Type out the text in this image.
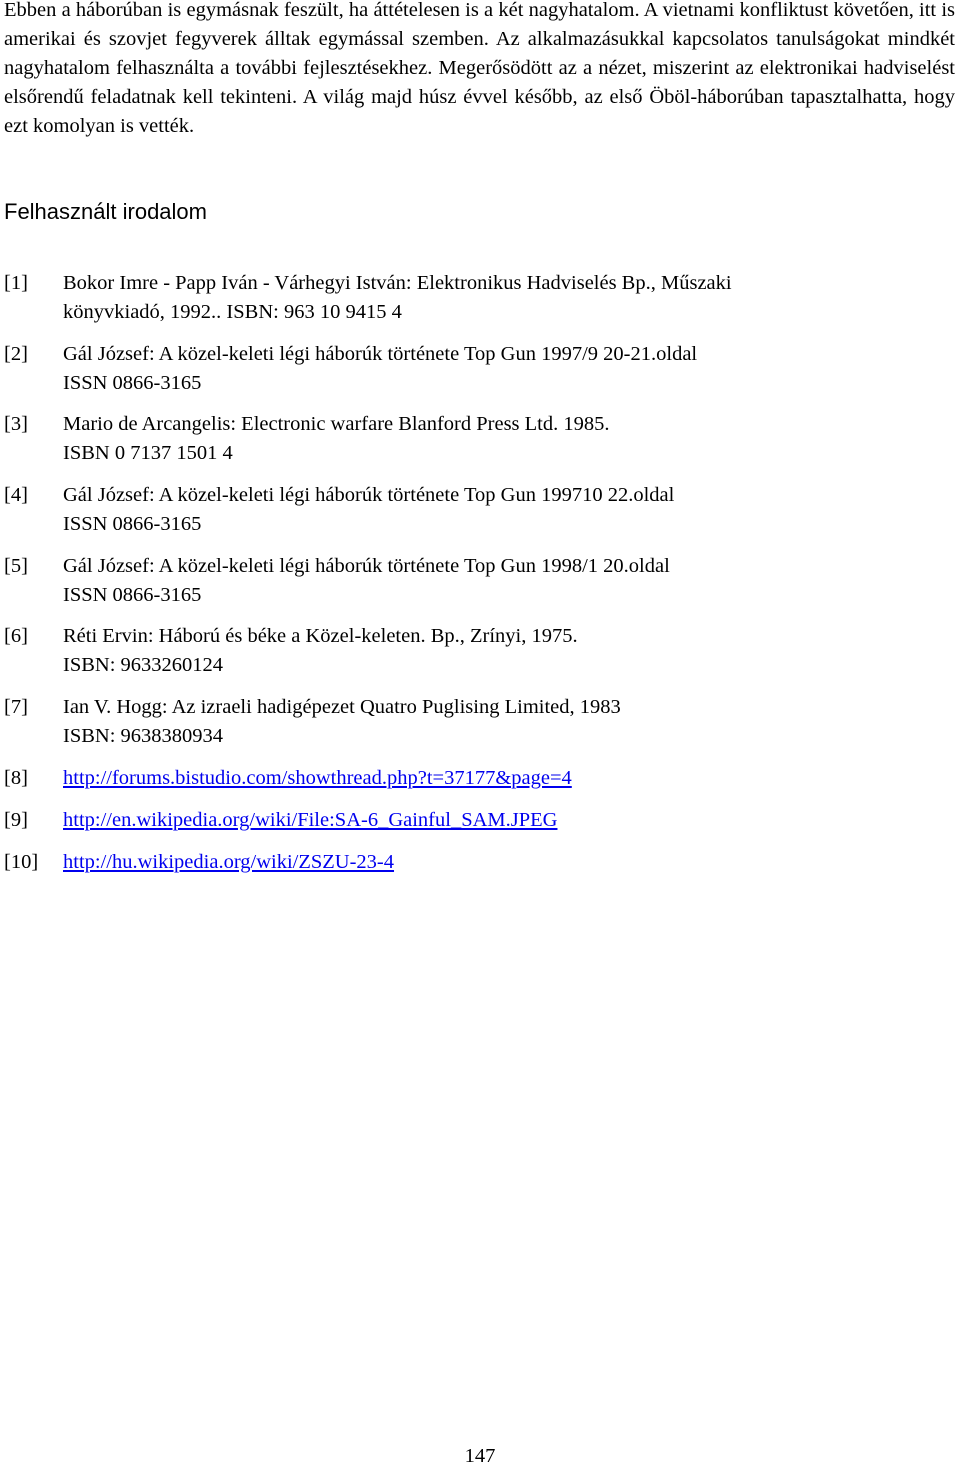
Ebben a háborúban is egymásnak feszült, ha áttételesen is a két nagyhatalom. A vietnami konfliktust követően, itt is amerikai és szovjet fegyverek álltak egymással szemben. Az alkalmazásukkal kapcsolatos tanulságokat mindkét nagyhatalom felhasználta a további fejlesztésekhez. Megerősödött az a nézet, miszerint az elektronikai hadviselést elsőrendű feladatnak kell tekinteni. A világ majd húsz évvel később, az első Öböl-háborúban tapasztalhatta, hogy ezt komolyan is vették.

Felhasznált irodalom
[1] Bokor Imre - Papp Iván - Várhegyi István: Elektronikus Hadviselés Bp., Műszaki
könyvkiadó, 1992.. ISBN: 963 10 9415 4
[2] Gál József: A közel-keleti légi háborúk története Top Gun 1997/9 20-21.oldal
ISSN 0866-3165
[3] Mario de Arcangelis: Electronic warfare Blanford Press Ltd. 1985.
ISBN 0 7137 1501 4
[4] Gál József: A közel-keleti légi háborúk története Top Gun 199710 22.oldal
ISSN 0866-3165
[5] Gál József: A közel-keleti légi háborúk története Top Gun 1998/1 20.oldal
ISSN 0866-3165
[6] Réti Ervin: Háború és béke a Közel-keleten. Bp., Zrínyi, 1975.
ISBN: 9633260124
[7] Ian V. Hogg: Az izraeli hadigépezet Quatro Puglising Limited, 1983
ISBN: 9638380934
[8] http://forums.bistudio.com/showthread.php?t=37177&page=4
[9] http://en.wikipedia.org/wiki/File:SA-6_Gainful_SAM.JPEG
[10] http://hu.wikipedia.org/wiki/ZSZU-23-4
147
